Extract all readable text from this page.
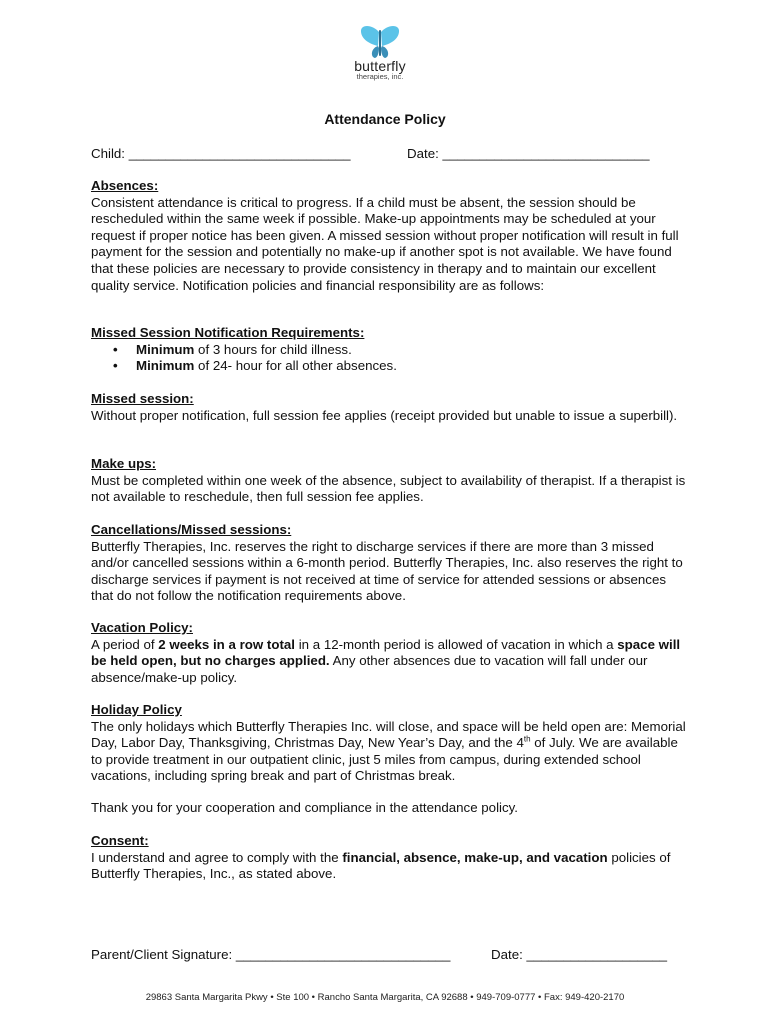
butterfly
therapies, inc.
Attendance Policy
Child: ______________________________	Date: ____________________________
Absences:

Consistent attendance is critical to progress. If a child must be absent, the session should be rescheduled within the same week if possible. Make-up appointments may be scheduled at your request if proper notice has been given. A missed session without proper notification will result in full payment for the session and potentially no make-up if another spot is not available. We have found that these policies are necessary to provide consistency in therapy and to maintain our excellent quality service. Notification policies and financial responsibility are as follows:

Missed Session Notification Requirements:
• Minimum of 3 hours for child illness.
• Minimum of 24- hour for all other absences.
Missed session:

Without proper notification, full session fee applies (receipt provided but unable to issue a superbill).

Make ups:

Must be completed within one week of the absence, subject to availability of therapist. If a therapist is not available to reschedule, then full session fee applies.

Cancellations/Missed sessions:

Butterfly Therapies, Inc. reserves the right to discharge services if there are more than 3 missed and/or cancelled sessions within a 6-month period. Butterfly Therapies, Inc. also reserves the right to discharge services if payment is not received at time of service for attended sessions or absences that do not follow the notification requirements above.

Vacation Policy:

A period of 2 weeks in a row total in a 12-month period is allowed of vacation in which a space will be held open, but no charges applied. Any other absences due to vacation will fall under our absence/make-up policy.

Holiday Policy

The only holidays which Butterfly Therapies Inc. will close, and space will be held open are: Memorial Day, Labor Day, Thanksgiving, Christmas Day, New Year’s Day, and the 4th of July. We are available to provide treatment in our outpatient clinic, just 5 miles from campus, during extended school vacations, including spring break and part of Christmas break.

Thank you for your cooperation and compliance in the attendance policy.
Consent:

I understand and agree to comply with the financial, absence, make-up, and vacation policies of Butterfly Therapies, Inc., as stated above.

Parent/Client Signature: _____________________________	Date: ___________________
29863 Santa Margarita Pkwy • Ste 100 • Rancho Santa Margarita, CA 92688 • 949-709-0777 • Fax: 949-420-2170
